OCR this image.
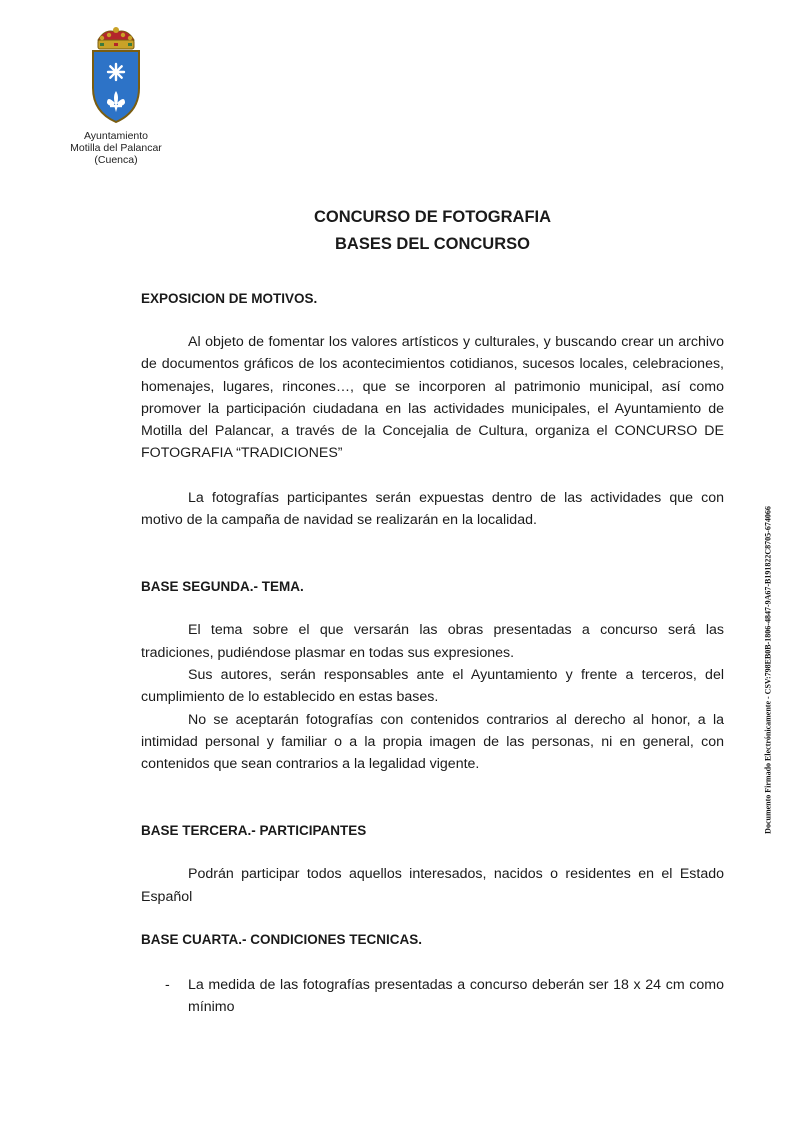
Ayuntamiento
Motilla del Palancar
(Cuenca)
CONCURSO DE FOTOGRAFIA
BASES DEL CONCURSO
EXPOSICION DE MOTIVOS.

Al objeto de fomentar los valores artísticos y culturales, y buscando crear un archivo de documentos gráficos de los acontecimientos cotidianos, sucesos locales, celebraciones, homenajes, lugares, rincones…, que se incorporen al patrimonio municipal, así como promover la participación ciudadana en las actividades municipales, el Ayuntamiento de Motilla del Palancar, a través de la Concejalia de Cultura, organiza el CONCURSO DE FOTOGRAFIA “TRADICIONES”

La fotografías participantes serán expuestas dentro de las actividades que con motivo de la campaña de navidad se realizarán en la localidad.

BASE SEGUNDA.- TEMA.

El tema sobre el que versarán las obras presentadas a concurso será las tradiciones, pudiéndose plasmar en todas sus expresiones.

Sus autores, serán responsables ante el Ayuntamiento y frente a terceros, del cumplimiento de lo establecido en estas bases.

No se aceptarán fotografías con contenidos contrarios al derecho al honor, a la intimidad personal y familiar o a la propia imagen de las personas, ni en general, con contenidos que sean contrarios a la legalidad vigente.

BASE TERCERA.- PARTICIPANTES

Podrán participar todos aquellos interesados, nacidos o residentes en el Estado Español

BASE CUARTA.- CONDICIONES TECNICAS.
-	La medida de las fotografías presentadas a concurso deberán ser 18 x 24 cm como mínimo
Documento Firmado Electrónicamente - CSV:798EB0B-1806-4847-9A67-B191822C8705-674066
